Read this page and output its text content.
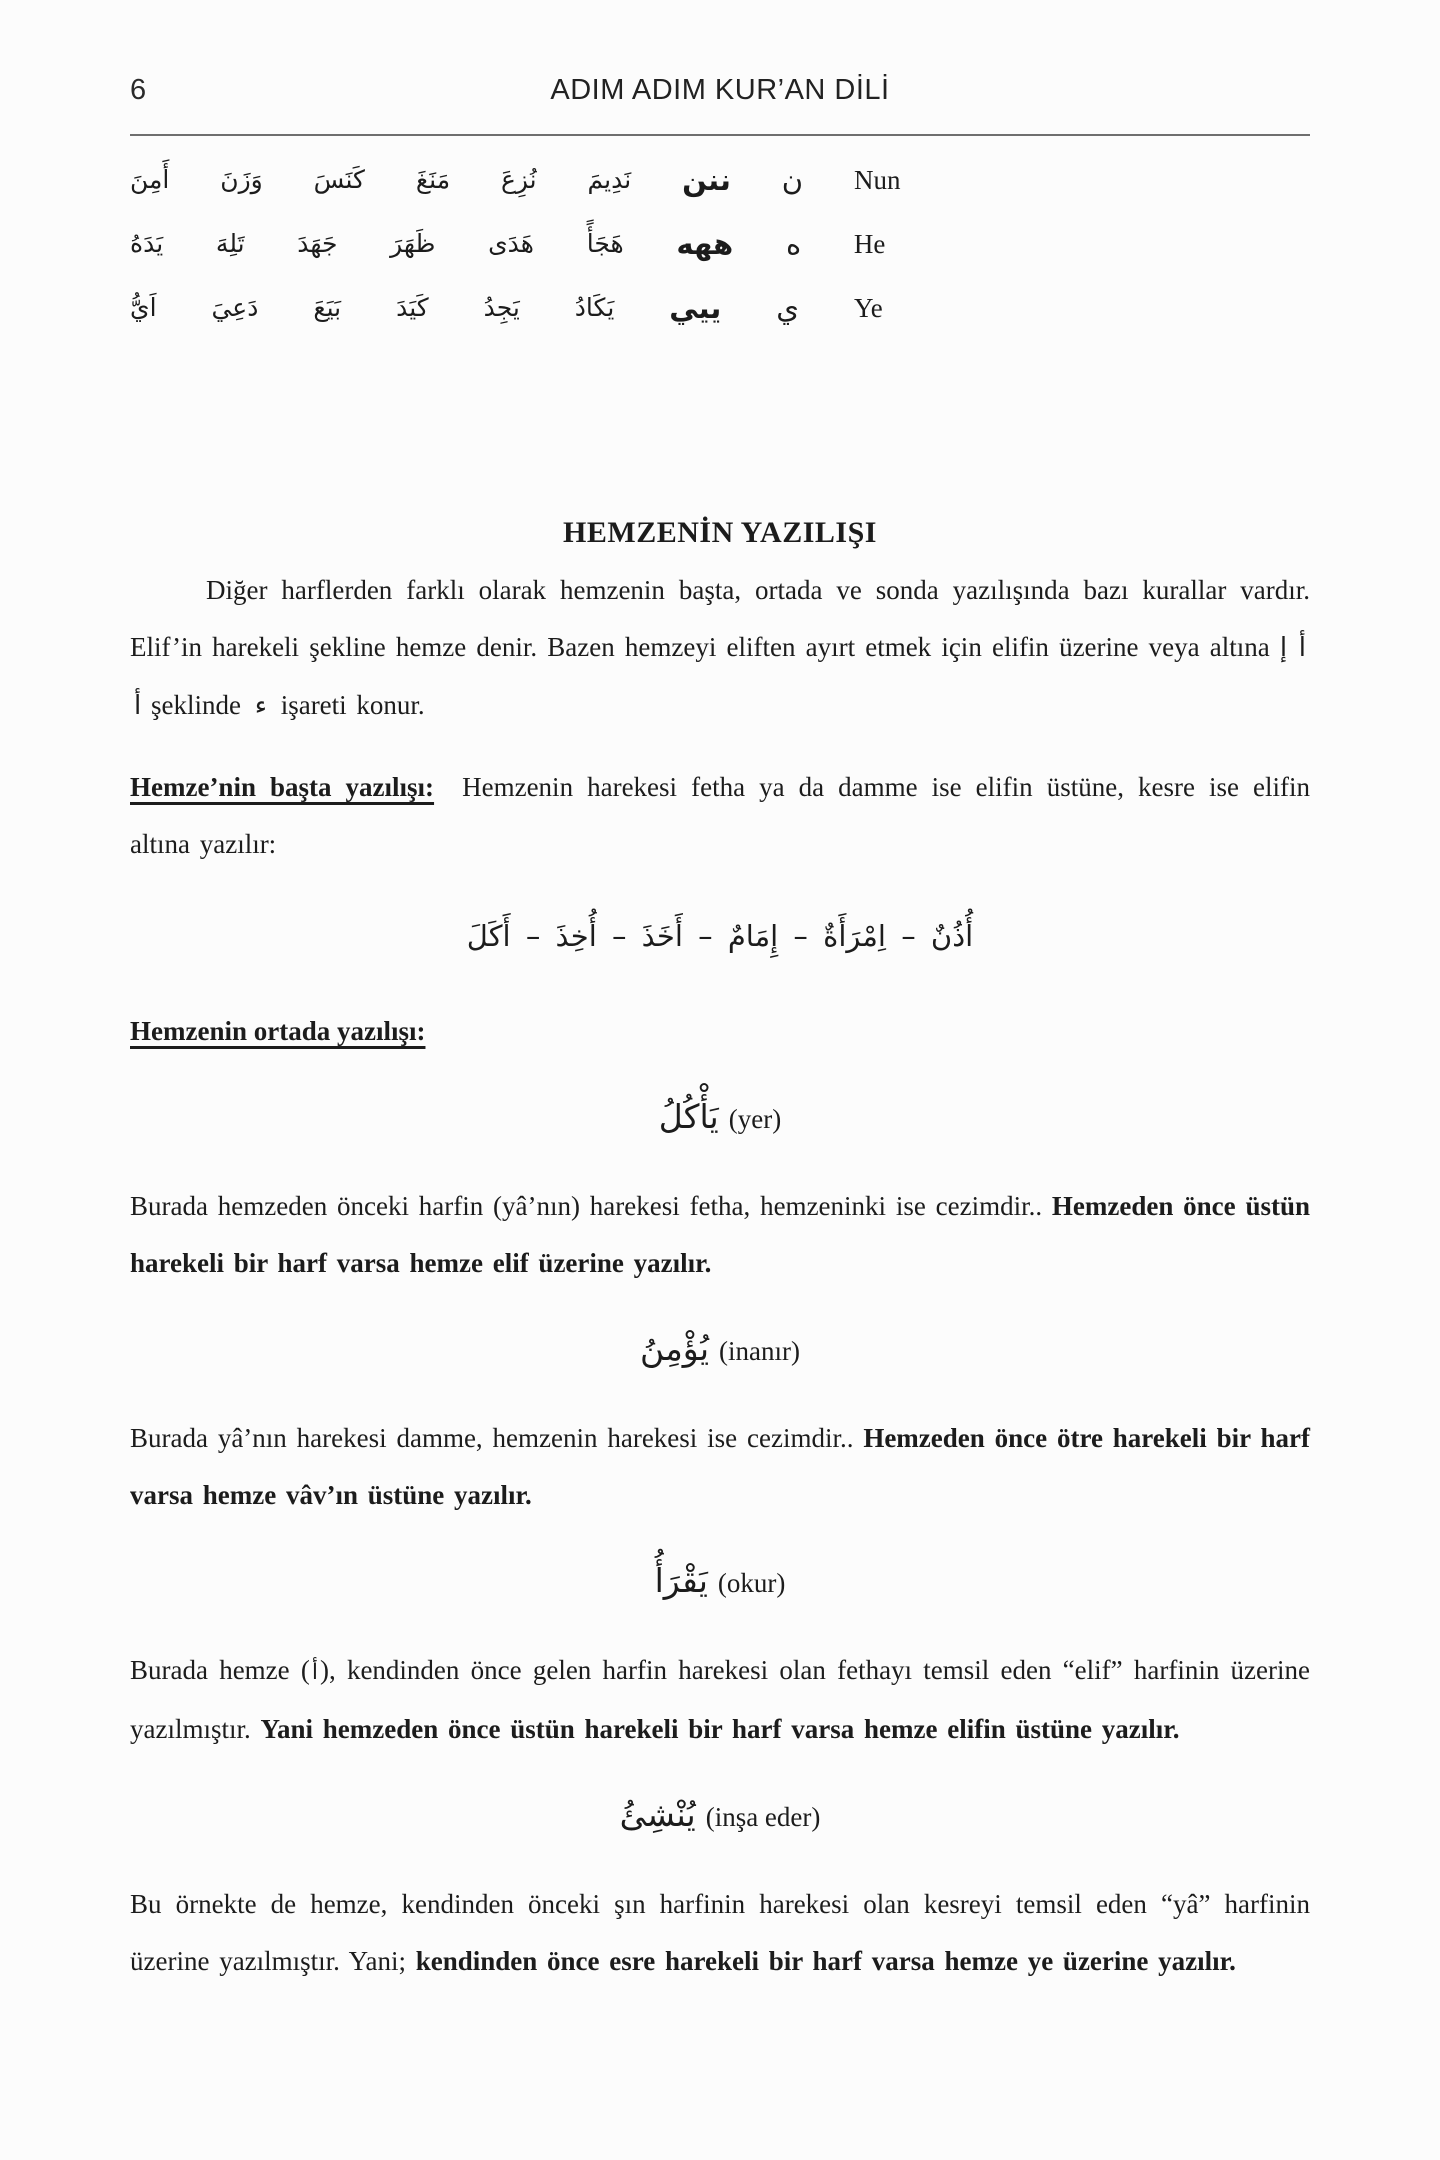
6	ADIM ADIM KUR’AN DİLİ
Nun
ن
ننن
نَدِيمَ
نُزِعَ
مَنَغَ
كَنَسَ
وَزَنَ
أَمِنَ
He
ه
ههه
هَجَأً
هَدَى
ظَهَرَ
جَهَدَ
تَلِهَ
يَدَهُ
Ye
ي
ييي
يَكَادُ
يَجِدُ
كَيَدَ
بَيَعَ
دَعِيَ
اَيُّ
HEMZENİN YAZILIŞI

Diğer harflerden farklı olarak hemzenin başta, ortada ve sonda yazılışında bazı kurallar vardır. Elif’in harekeli şekline hemze denir. Bazen hemzeyi eliften ayırt etmek için elifin üzerine veya altına أ إ أ şeklinde ء işareti konur.

Hemze’nin başta yazılışı: Hemzenin harekesi fetha ya da damme ise elifin üstüne, kesre ise elifin altına yazılır:

أُذُنٌ – اِمْرَأَةٌ – إِمَامٌ – أَخَذَ – أُخِذَ – أَكَلَ
Hemzenin ortada yazılışı:
يَأْكُلُ (yer)

Burada hemzeden önceki harfin (yâ’nın) harekesi fetha, hemzeninki ise cezimdir.. Hemzeden önce üstün harekeli bir harf varsa hemze elif üzerine yazılır.

يُؤْمِنُ (inanır)

Burada yâ’nın harekesi damme, hemzenin harekesi ise cezimdir.. Hemzeden önce ötre harekeli bir harf varsa hemze vâv’ın üstüne yazılır.

يَقْرَأُ (okur)

Burada hemze (أ), kendinden önce gelen harfin harekesi olan fethayı temsil eden “elif” harfinin üzerine yazılmıştır. Yani hemzeden önce üstün harekeli bir harf varsa hemze elifin üstüne yazılır.

يُنْشِئُ (inşa eder)

Bu örnekte de hemze, kendinden önceki şın harfinin harekesi olan kesreyi temsil eden “yâ” harfinin üzerine yazılmıştır. Yani; kendinden önce esre harekeli bir harf varsa hemze ye üzerine yazılır.
